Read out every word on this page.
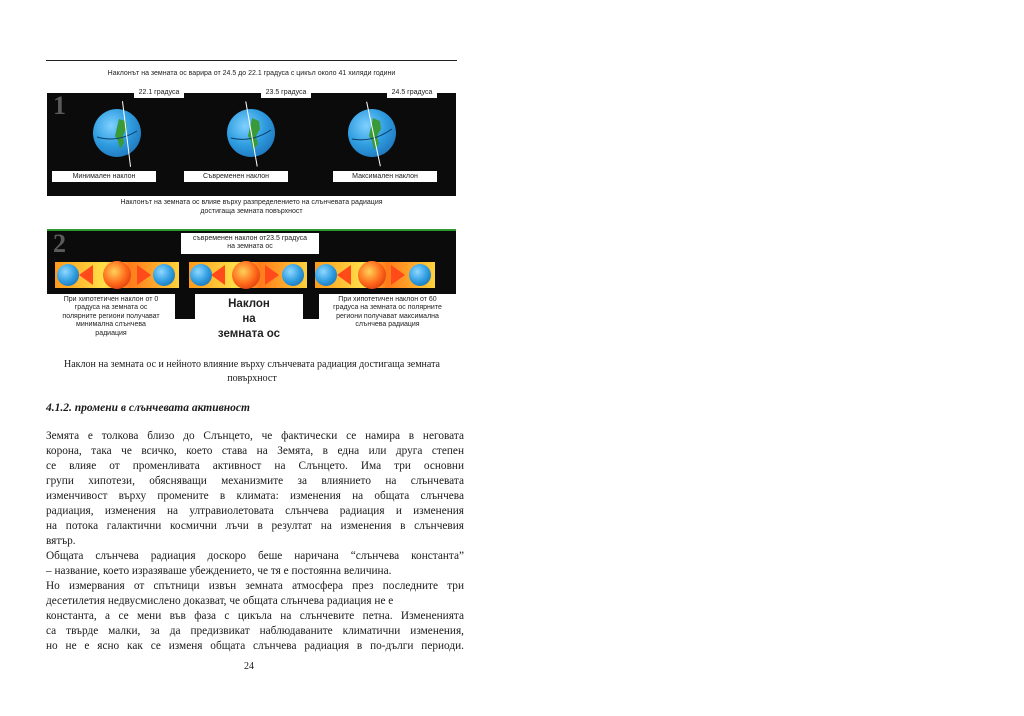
Наклонът на земната ос варира от 24.5 до 22.1 градуса с цикъл около 41 хиляди години
1	22.1 градуса	23.5 градуса	24.5 градуса
Минимален наклон	Съвременен наклон	Максимален наклон
Наклонът на земната ос влияе върху разпределението на слънчевата радиация
достигаща земната повърхност
2	съвременен наклон от23.5 градуса
на земната ос
При хипотетичен наклон от 0
градуса на земната ос
полярните региони получават
минимална слънчева
радиация
Наклон
на
земната ос
При хипотетичен наклон от 60
градуса на земната ос полярните
региони получават максимална
слънчева радиация
Наклон на земната ос и нейното влияние върху слънчевата радиация достигаща земната
повърхност
4.1.2. промени в слънчевата активност
Земята е толкова близо до Слънцето, че фактически се намира в неговата
корона, така че всичко, което става на Земята, в една или друга степен
се влияе от променливата активност на Слънцето. Има три основни
групи хипотези, обясняващи механизмите за влиянието на слънчевата
изменчивост върху промените в климата: изменения на общата слънчева
радиация, изменения на ултравиолетовата слънчева радиация и изменения
на потока галактични космични лъчи в резултат на изменения в слънчевия
вятър.
Общата слънчева радиация доскоро беше наричана “слънчева константа”
– название, което изразяваше убеждението, че тя е постоянна величина.
Но измервания от спътници извън земната атмосфера през последните три
десетилетия недвусмислено доказват, че общата слънчева радиация не е
константа, а се мени във фаза с цикъла на слънчевите петна. Измененията
са твърде малки, за да предизвикат наблюдаваните климатични изменения,
но не е ясно как се изменя общата слънчева радиация в по-дълги периоди.
24
